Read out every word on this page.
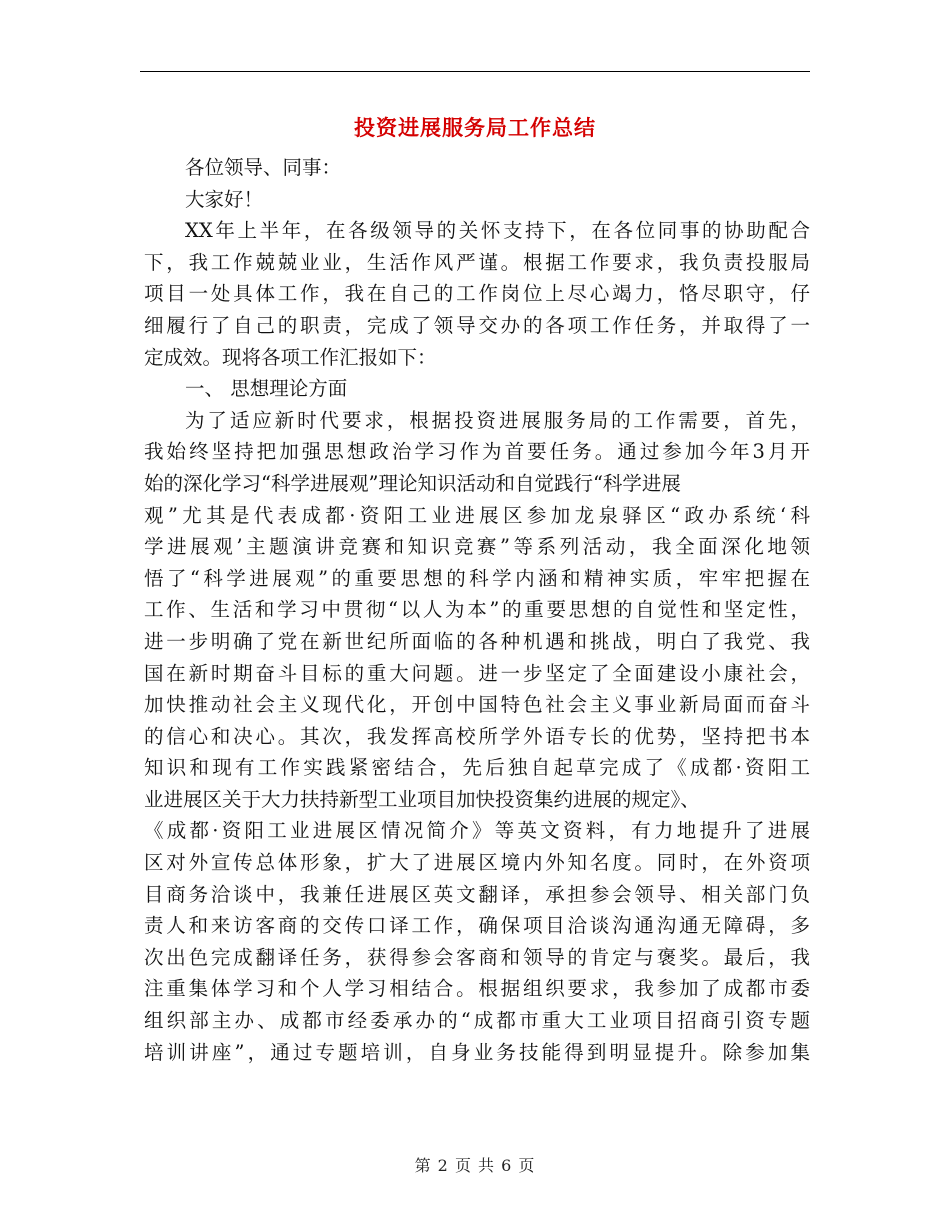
投资进展服务局工作总结
各位领导、同事：
大家好！
XX年上半年，在各级领导的关怀支持下，在各位同事的协助配合
下，我工作兢兢业业，生活作风严谨。根据工作要求，我负责投服局
项目一处具体工作，我在自己的工作岗位上尽心竭力，恪尽职守，仔
细履行了自己的职责，完成了领导交办的各项工作任务，并取得了一
定成效。现将各项工作汇报如下：
一、 思想理论方面
为了适应新时代要求，根据投资进展服务局的工作需要，首先，
我始终坚持把加强思想政治学习作为首要任务。通过参加今年3月开
始的深化学习“科学进展观”理论知识活动和自觉践行“科学进展
观”尤其是代表成都·资阳工业进展区参加龙泉驿区“政办系统‘科
学进展观’主题演讲竞赛和知识竞赛”等系列活动，我全面深化地领
悟了“科学进展观”的重要思想的科学内涵和精神实质，牢牢把握在
工作、生活和学习中贯彻“以人为本”的重要思想的自觉性和坚定性，
进一步明确了党在新世纪所面临的各种机遇和挑战，明白了我党、我
国在新时期奋斗目标的重大问题。进一步坚定了全面建设小康社会，
加快推动社会主义现代化，开创中国特色社会主义事业新局面而奋斗
的信心和决心。其次，我发挥高校所学外语专长的优势，坚持把书本
知识和现有工作实践紧密结合，先后独自起草完成了《成都·资阳工
业进展区关于大力扶持新型工业项目加快投资集约进展的规定》、
《成都·资阳工业进展区情况简介》等英文资料，有力地提升了进展
区对外宣传总体形象，扩大了进展区境内外知名度。同时，在外资项
目商务洽谈中，我兼任进展区英文翻译，承担参会领导、相关部门负
责人和来访客商的交传口译工作，确保项目洽谈沟通沟通无障碍，多
次出色完成翻译任务，获得参会客商和领导的肯定与褒奖。最后，我
注重集体学习和个人学习相结合。根据组织要求，我参加了成都市委
组织部主办、成都市经委承办的“成都市重大工业项目招商引资专题
培训讲座”，通过专题培训，自身业务技能得到明显提升。除参加集
第 2 页 共 6 页
